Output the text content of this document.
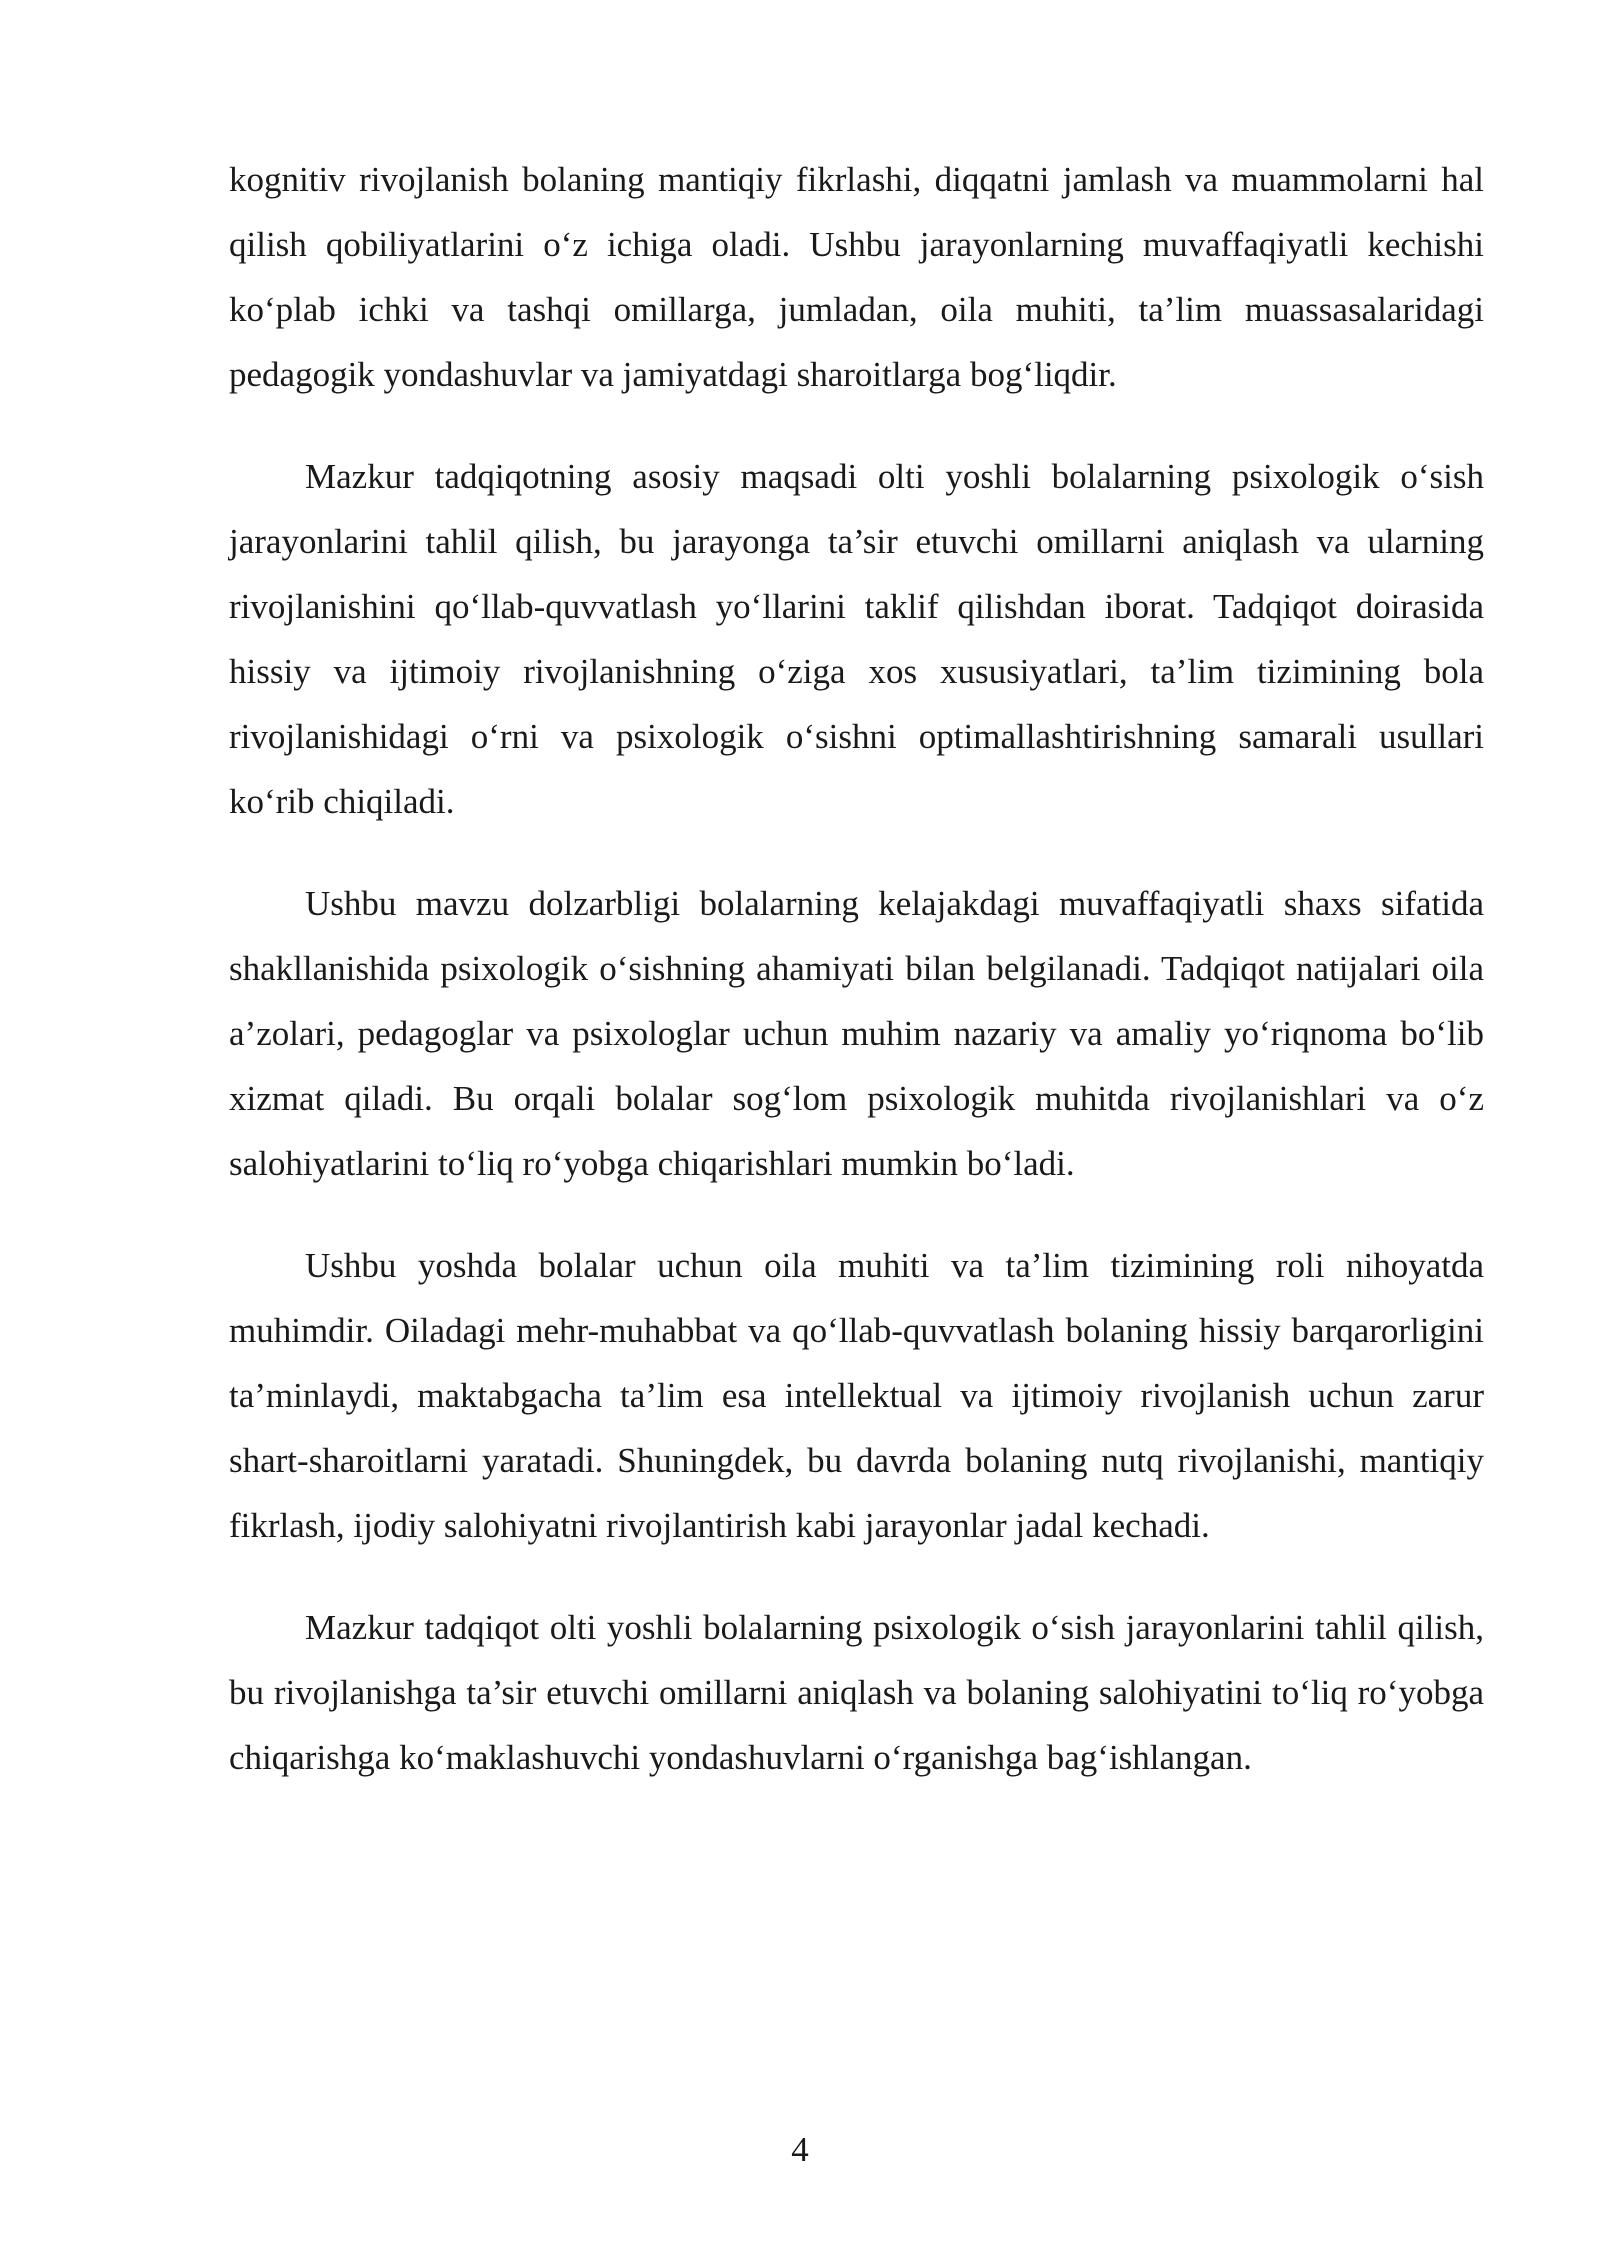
kognitiv rivojlanish bolaning mantiqiy fikrlashi, diqqatni jamlash va muammolarni hal qilish qobiliyatlarini o‘z ichiga oladi. Ushbu jarayonlarning muvaffaqiyatli kechishi ko‘plab ichki va tashqi omillarga, jumladan, oila muhiti, ta’lim muassasalaridagi pedagogik yondashuvlar va jamiyatdagi sharoitlarga bog‘liqdir.

Mazkur tadqiqotning asosiy maqsadi olti yoshli bolalarning psixologik o‘sish jarayonlarini tahlil qilish, bu jarayonga ta’sir etuvchi omillarni aniqlash va ularning rivojlanishini qo‘llab-quvvatlash yo‘llarini taklif qilishdan iborat. Tadqiqot doirasida hissiy va ijtimoiy rivojlanishning o‘ziga xos xususiyatlari, ta’lim tizimining bola rivojlanishidagi o‘rni va psixologik o‘sishni optimallashtirishning samarali usullari ko‘rib chiqiladi.

Ushbu mavzu dolzarbligi bolalarning kelajakdagi muvaffaqiyatli shaxs sifatida shakllanishida psixologik o‘sishning ahamiyati bilan belgilanadi. Tadqiqot natijalari oila a’zolari, pedagoglar va psixologlar uchun muhim nazariy va amaliy yo‘riqnoma bo‘lib xizmat qiladi. Bu orqali bolalar sog‘lom psixologik muhitda rivojlanishlari va o‘z salohiyatlarini to‘liq ro‘yobga chiqarishlari mumkin bo‘ladi.

Ushbu yoshda bolalar uchun oila muhiti va ta’lim tizimining roli nihoyatda muhimdir. Oiladagi mehr-muhabbat va qo‘llab-quvvatlash bolaning hissiy barqarorligini ta’minlaydi, maktabgacha ta’lim esa intellektual va ijtimoiy rivojlanish uchun zarur shart-sharoitlarni yaratadi. Shuningdek, bu davrda bolaning nutq rivojlanishi, mantiqiy fikrlash, ijodiy salohiyatni rivojlantirish kabi jarayonlar jadal kechadi.

Mazkur tadqiqot olti yoshli bolalarning psixologik o‘sish jarayonlarini tahlil qilish, bu rivojlanishga ta’sir etuvchi omillarni aniqlash va bolaning salohiyatini to‘liq ro‘yobga chiqarishga ko‘maklashuvchi yondashuvlarni o‘rganishga bag‘ishlangan.

4
